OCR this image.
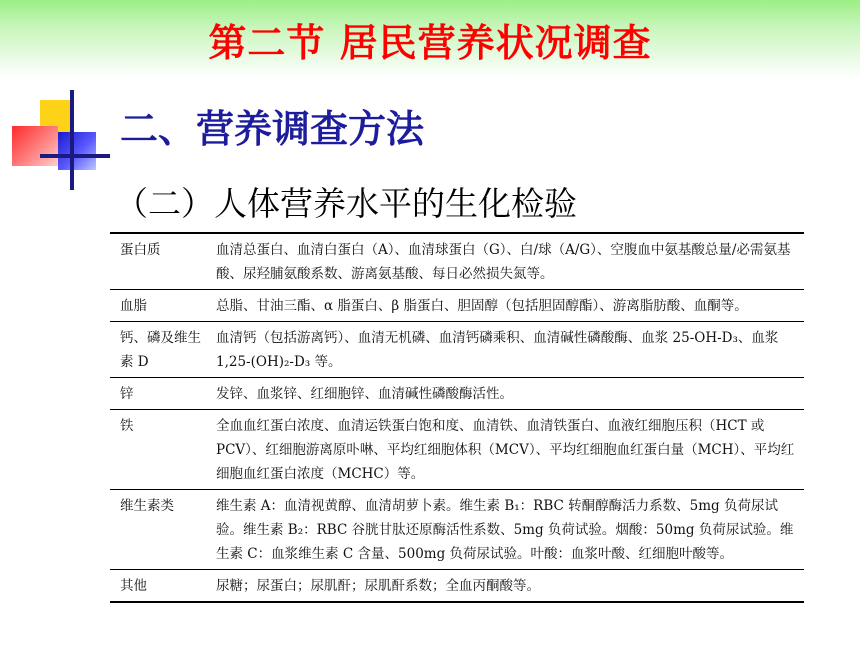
第二节 居民营养状况调查
二、营养调查方法
（二）人体营养水平的生化检验
蛋白质	血清总蛋白、血清白蛋白（A）、血清球蛋白（G）、白/球（A/G）、空腹血中氨基酸总量/必需氨基酸、尿羟脯氨酸系数、游离氨基酸、每日必然损失氮等。
血脂	总脂、甘油三酯、α 脂蛋白、β 脂蛋白、胆固醇（包括胆固醇酯）、游离脂肪酸、血酮等。
钙、磷及维生素 D	血清钙（包括游离钙）、血清无机磷、血清钙磷乘积、血清碱性磷酸酶、血浆 25-OH-D₃、血浆 1,25-(OH)₂-D₃ 等。
锌	发锌、血浆锌、红细胞锌、血清碱性磷酸酶活性。
铁	全血血红蛋白浓度、血清运铁蛋白饱和度、血清铁、血清铁蛋白、血液红细胞压积（HCT 或 PCV）、红细胞游离原卟啉、平均红细胞体积（MCV）、平均红细胞血红蛋白量（MCH）、平均红细胞血红蛋白浓度（MCHC）等。
维生素类	维生素 A：血清视黄醇、血清胡萝卜素。维生素 B₁：RBC 转酮醇酶活力系数、5mg 负荷尿试验。维生素 B₂：RBC 谷胱甘肽还原酶活性系数、5mg 负荷试验。烟酸：50mg 负荷尿试验。维生素 C：血浆维生素 C 含量、500mg 负荷尿试验。叶酸：血浆叶酸、红细胞叶酸等。
其他	尿糖；尿蛋白；尿肌酐；尿肌酐系数；全血丙酮酸等。
